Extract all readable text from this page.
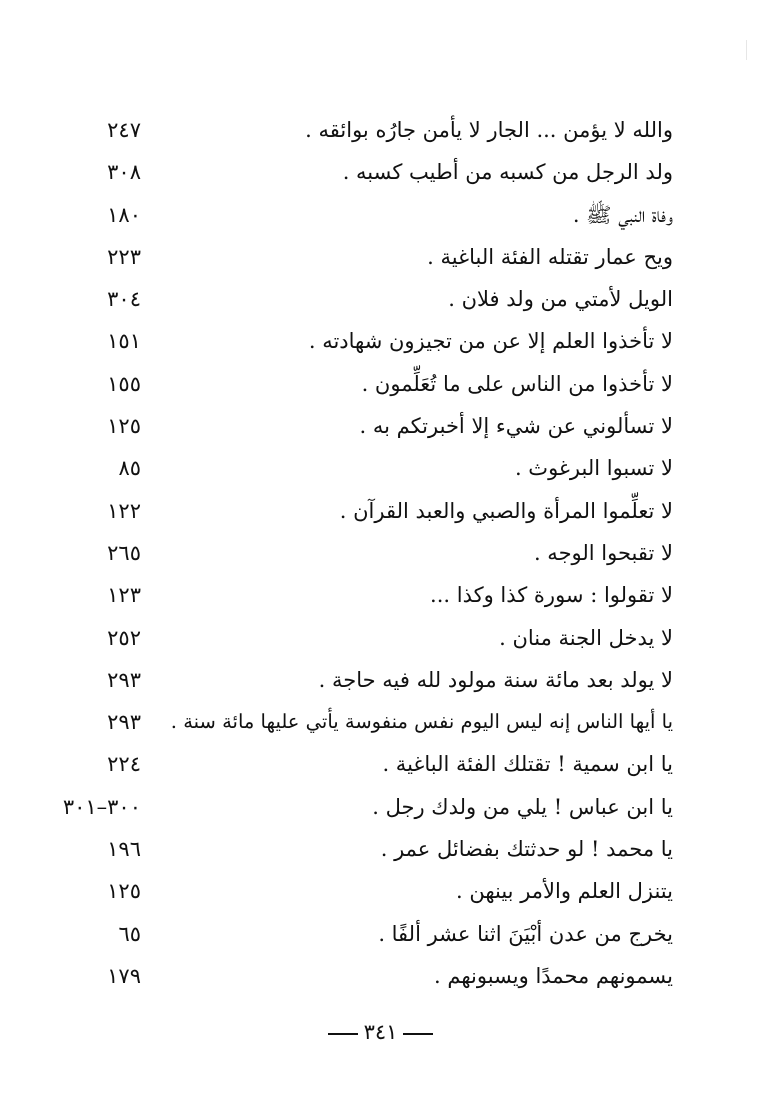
والله لا يؤمن ... الجار لا يأمن جارُه بوائقه .
٢٤٧
ولد الرجل من كسبه من أطيب كسبه .
٣٠٨
وفاة النبي ﷺ .
١٨٠
ويح عمار تقتله الفئة الباغية .
٢٢٣
الويل لأمتي من ولد فلان .
٣٠٤
لا تأخذوا العلم إلا عن من تجيزون شهادته .
١٥١
لا تأخذوا من الناس على ما تُعَلِّمون .
١٥٥
لا تسألوني عن شيء إلا أخبرتكم به .
١٢٥
لا تسبوا البرغوث .
٨٥
لا تعلِّموا المرأة والصبي والعبد القرآن .
١٢٢
لا تقبحوا الوجه .
٢٦٥
لا تقولوا : سورة كذا وكذا ...
١٢٣
لا يدخل الجنة منان .
٢٥٢
لا يولد بعد مائة سنة مولود لله فيه حاجة .
٢٩٣
يا أيها الناس إنه ليس اليوم نفس منفوسة يأتي عليها مائة سنة .
٢٩٣
يا ابن سمية ! تقتلك الفئة الباغية .
٢٢٤
يا ابن عباس ! يلي من ولدك رجل .
٣٠٠–٣٠١
يا محمد ! لو حدثتك بفضائل عمر .
١٩٦
يتنزل العلم والأمر بينهن .
١٢٥
يخرج من عدن أبْيَنَ اثنا عشر ألفًا .
٦٥
يسمونهم محمدًا ويسبونهم .
١٧٩
٣٤١
